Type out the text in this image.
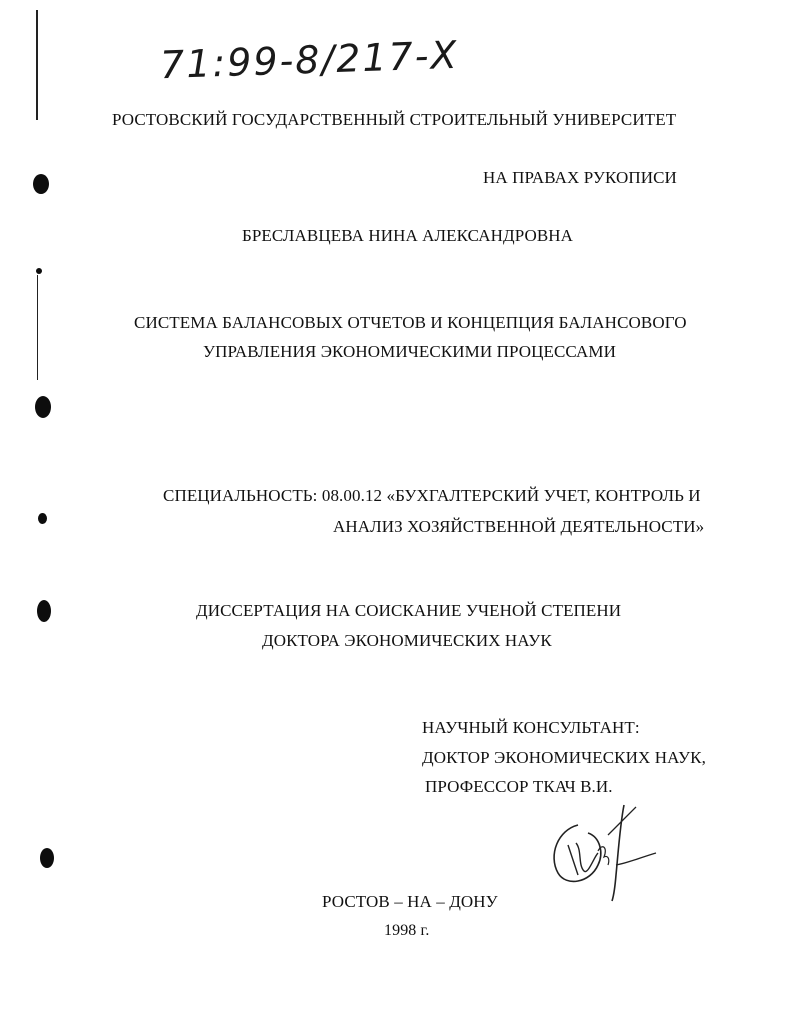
71:99-8/217-Х
РОСТОВСКИЙ ГОСУДАРСТВЕННЫЙ СТРОИТЕЛЬНЫЙ УНИВЕРСИТЕТ
НА ПРАВАХ РУКОПИСИ
БРЕСЛАВЦЕВА НИНА АЛЕКСАНДРОВНА
СИСТЕМА БАЛАНСОВЫХ ОТЧЕТОВ И КОНЦЕПЦИЯ БАЛАНСОВОГО
УПРАВЛЕНИЯ ЭКОНОМИЧЕСКИМИ ПРОЦЕССАМИ
СПЕЦИАЛЬНОСТЬ: 08.00.12 «БУХГАЛТЕРСКИЙ УЧЕТ, КОНТРОЛЬ И
АНАЛИЗ ХОЗЯЙСТВЕННОЙ ДЕЯТЕЛЬНОСТИ»
ДИССЕРТАЦИЯ НА СОИСКАНИЕ УЧЕНОЙ СТЕПЕНИ
ДОКТОРА ЭКОНОМИЧЕСКИХ НАУК
НАУЧНЫЙ КОНСУЛЬТАНТ:
ДОКТОР ЭКОНОМИЧЕСКИХ НАУК,
ПРОФЕССОР ТКАЧ В.И.
РОСТОВ – НА – ДОНУ
1998 г.
